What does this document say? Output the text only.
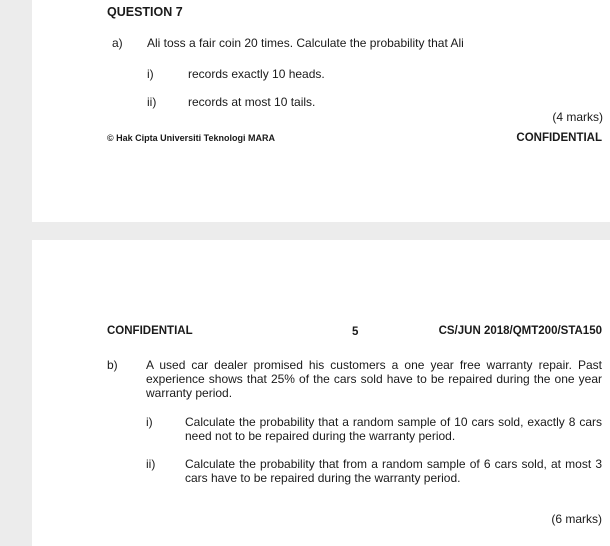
QUESTION 7
a) Ali toss a fair coin 20 times. Calculate the probability that Ali
i)	records exactly 10 heads.
ii)	records at most 10 tails.
(4 marks)
© Hak Cipta Universiti Teknologi MARA	CONFIDENTIAL
CONFIDENTIAL	5	CS/JUN 2018/QMT200/STA150
b) A used car dealer promised his customers a one year free warranty repair. Past experience shows that 25% of the cars sold have to be repaired during the one year warranty period.
i)	Calculate the probability that a random sample of 10 cars sold, exactly 8 cars need not to be repaired during the warranty period.
ii) Calculate the probability that from a random sample of 6 cars sold, at most 3 cars have to be repaired during the warranty period.
(6 marks)
